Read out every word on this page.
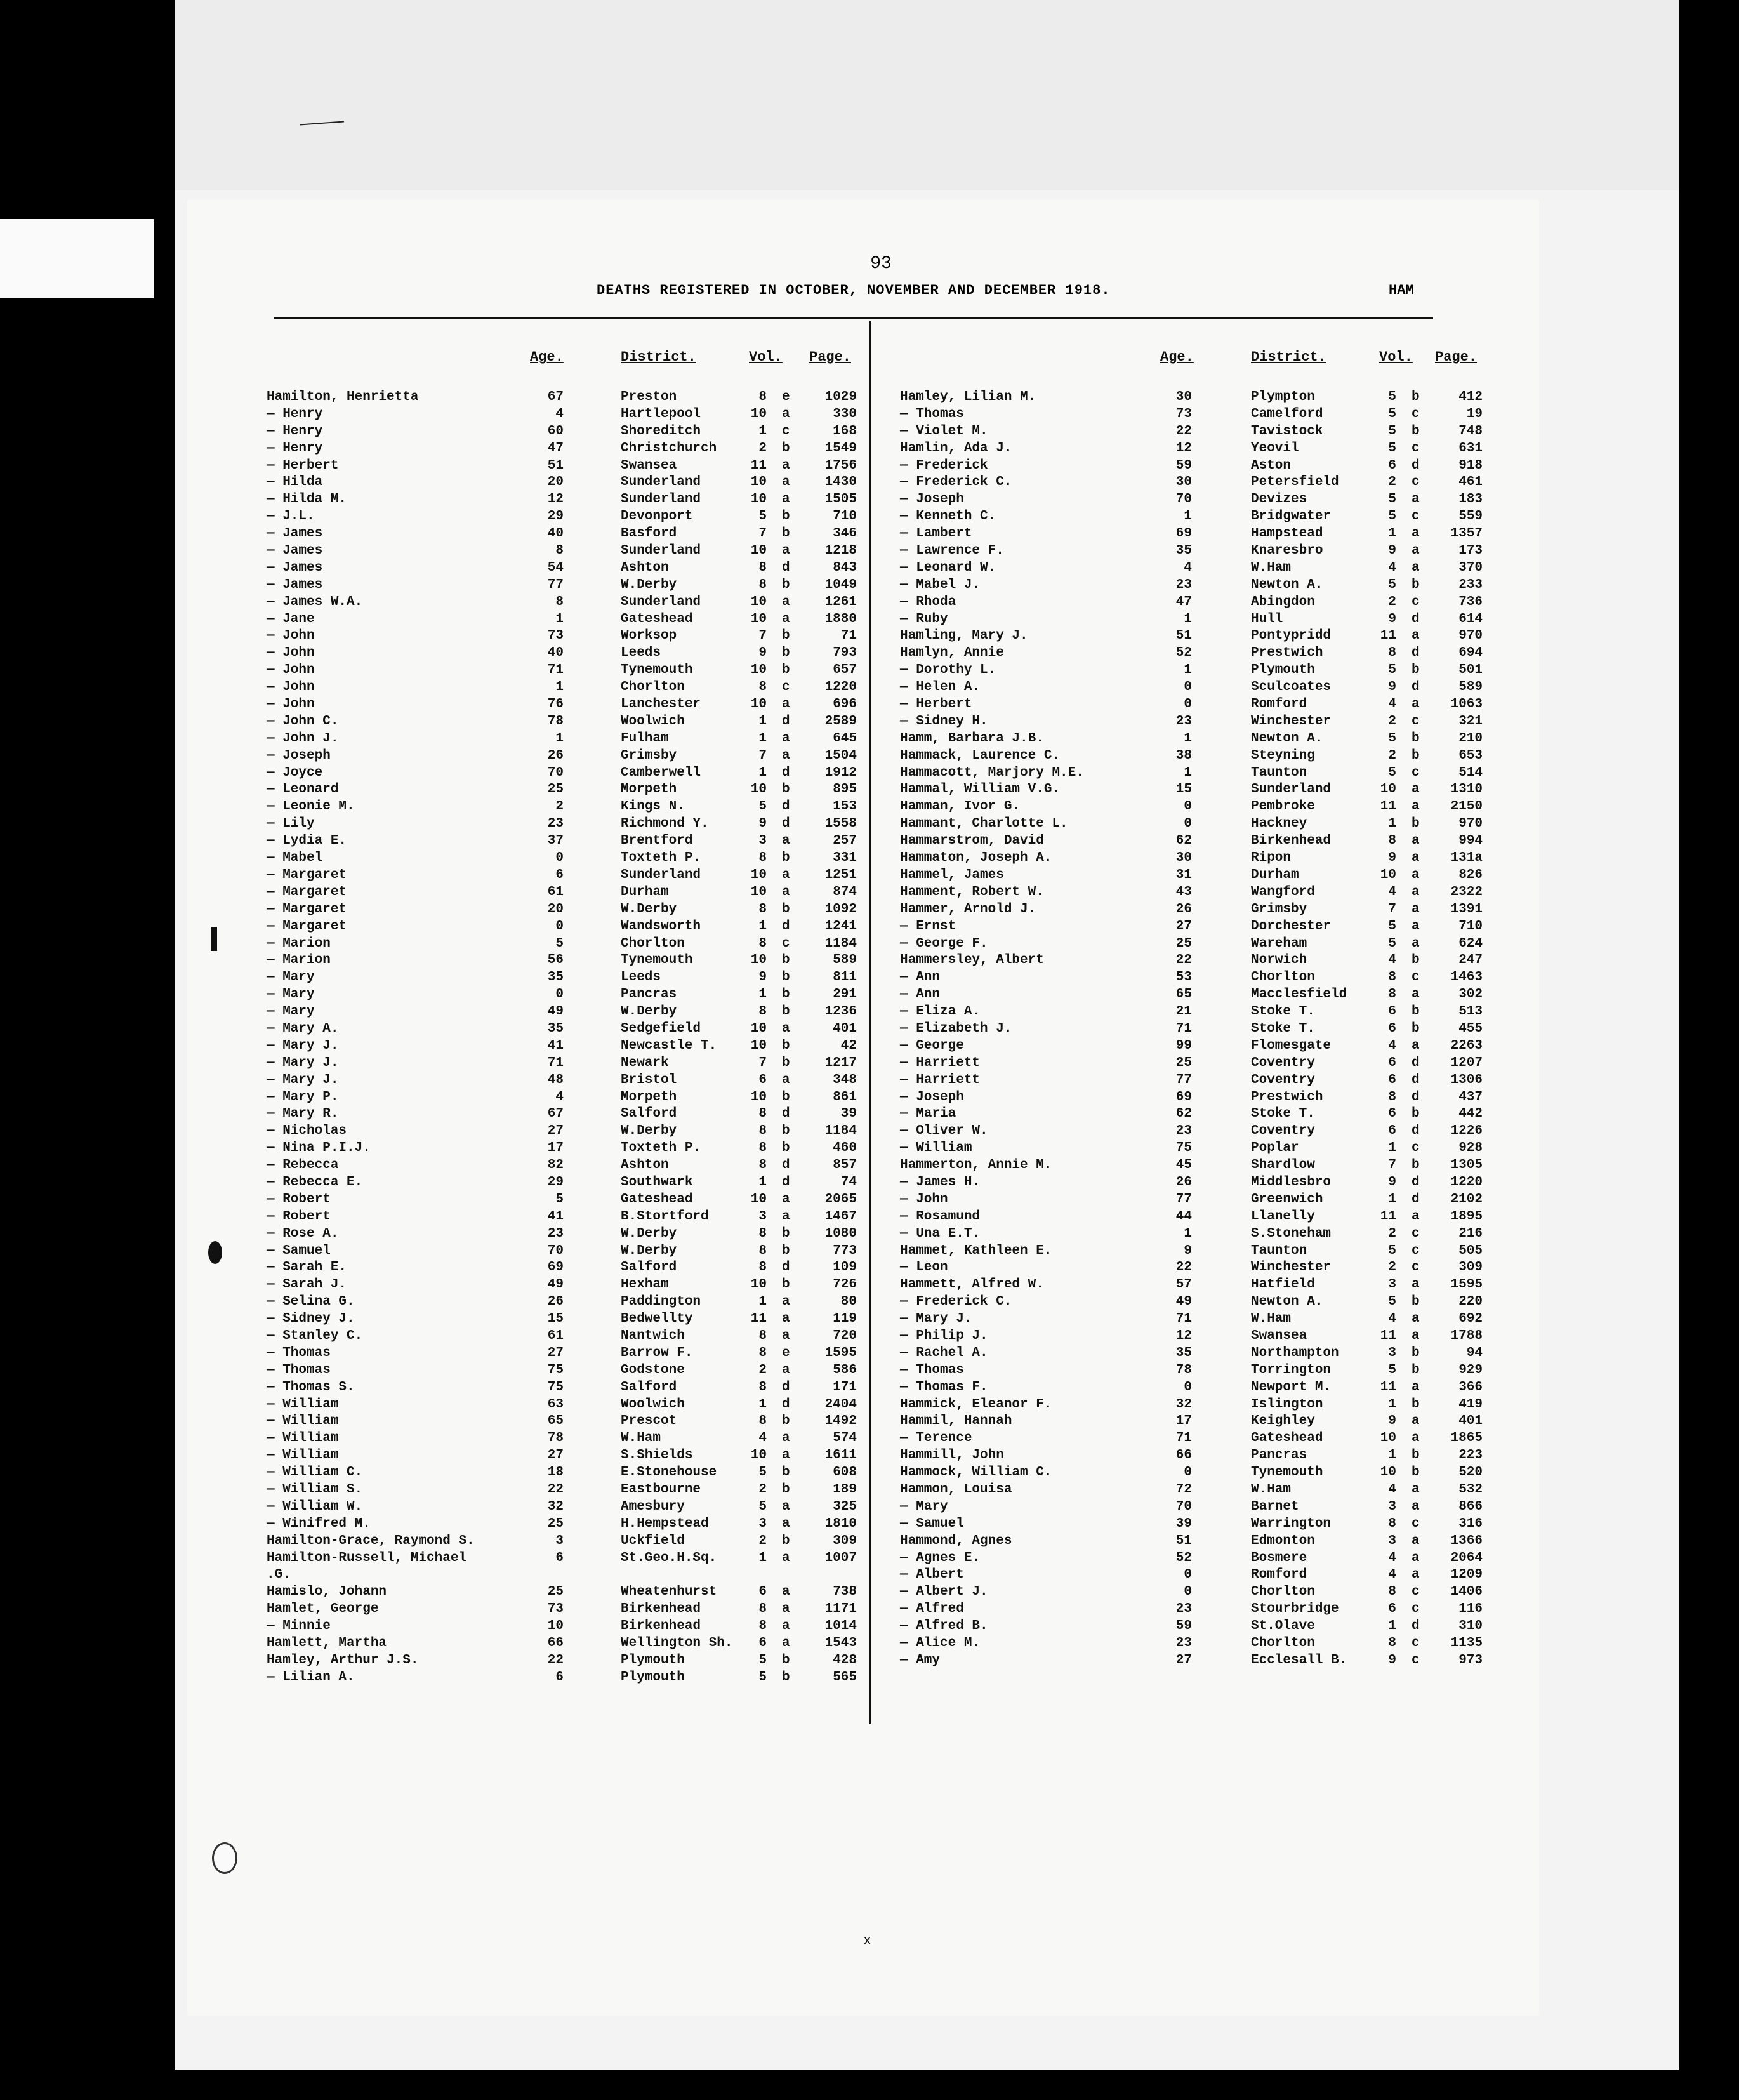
93
DEATHS REGISTERED IN OCTOBER, NOVEMBER AND DECEMBER 1918.	HAM
Age.	District.	Vol. Page.
Hamilton, Henrietta	67	Preston	8 e	1029
— Henry	4	Hartlepool	10 a	330
— Henry	60	Shoreditch	1 c	168
— Henry	47	Christchurch	2 b	1549
— Herbert	51	Swansea	11 a	1756
— Hilda	20	Sunderland	10 a	1430
— Hilda M.	12	Sunderland	10 a	1505
— J.L.	29	Devonport	5 b	710
— James	40	Basford	7 b	346
— James	8	Sunderland	10 a	1218
— James	54	Ashton	8 d	843
— James	77	W.Derby	8 b	1049
— James W.A.	8	Sunderland	10 a	1261
— Jane	1	Gateshead	10 a	1880
— John	73	Worksop	7 b	71
— John	40	Leeds	9 b	793
— John	71	Tynemouth	10 b	657
— John	1	Chorlton	8 c	1220
— John	76	Lanchester	10 a	696
— John C.	78	Woolwich	1 d	2589
— John J.	1	Fulham	1 a	645
— Joseph	26	Grimsby	7 a	1504
— Joyce	70	Camberwell	1 d	1912
— Leonard	25	Morpeth	10 b	895
— Leonie M.	2	Kings N.	5 d	153
— Lily	23	Richmond Y.	9 d	1558
— Lydia E.	37	Brentford	3 a	257
— Mabel	0	Toxteth P.	8 b	331
— Margaret	6	Sunderland	10 a	1251
— Margaret	61	Durham	10 a	874
— Margaret	20	W.Derby	8 b	1092
— Margaret	0	Wandsworth	1 d	1241
— Marion	5	Chorlton	8 c	1184
— Marion	56	Tynemouth	10 b	589
— Mary	35	Leeds	9 b	811
— Mary	0	Pancras	1 b	291
— Mary	49	W.Derby	8 b	1236
— Mary A.	35	Sedgefield	10 a	401
— Mary J.	41	Newcastle T.	10 b	42
— Mary J.	71	Newark	7 b	1217
— Mary J.	48	Bristol	6 a	348
— Mary P.	4	Morpeth	10 b	861
— Mary R.	67	Salford	8 d	39
— Nicholas	27	W.Derby	8 b	1184
— Nina P.I.J.	17	Toxteth P.	8 b	460
— Rebecca	82	Ashton	8 d	857
— Rebecca E.	29	Southwark	1 d	74
— Robert	5	Gateshead	10 a	2065
— Robert	41	B.Stortford	3 a	1467
— Rose A.	23	W.Derby	8 b	1080
— Samuel	70	W.Derby	8 b	773
— Sarah E.	69	Salford	8 d	109
— Sarah J.	49	Hexham	10 b	726
— Selina G.	26	Paddington	1 a	80
— Sidney J.	15	Bedwellty	11 a	119
— Stanley C.	61	Nantwich	8 a	720
— Thomas	27	Barrow F.	8 e	1595
— Thomas	75	Godstone	2 a	586
— Thomas S.	75	Salford	8 d	171
— William	63	Woolwich	1 d	2404
— William	65	Prescot	8 b	1492
— William	78	W.Ham	4 a	574
— William	27	S.Shields	10 a	1611
— William C.	18	E.Stonehouse	5 b	608
— William S.	22	Eastbourne	2 b	189
— William W.	32	Amesbury	5 a	325
— Winifred M.	25	H.Hempstead	3 a	1810
Hamilton-Grace, Raymond S.	3	Uckfield	2 b	309
Hamilton-Russell, Michael	6	St.Geo.H.Sq.	1 a	1007
.G.
Hamislo, Johann	25	Wheatenhurst	6 a	738
Hamlet, George	73	Birkenhead	8 a	1171
— Minnie	10	Birkenhead	8 a	1014
Hamlett, Martha	66	Wellington Sh.	6 a	1543
Hamley, Arthur J.S.	22	Plymouth	5 b	428
— Lilian A.	6	Plymouth	5 b	565
Age.	District.	Vol. Page.
Hamley, Lilian M.	30	Plympton	5 b	412
— Thomas	73	Camelford	5 c	19
— Violet M.	22	Tavistock	5 b	748
Hamlin, Ada J.	12	Yeovil	5 c	631
— Frederick	59	Aston	6 d	918
— Frederick C.	30	Petersfield	2 c	461
— Joseph	70	Devizes	5 a	183
— Kenneth C.	1	Bridgwater	5 c	559
— Lambert	69	Hampstead	1 a	1357
— Lawrence F.	35	Knaresbro	9 a	173
— Leonard W.	4	W.Ham	4 a	370
— Mabel J.	23	Newton A.	5 b	233
— Rhoda	47	Abingdon	2 c	736
— Ruby	1	Hull	9 d	614
Hamling, Mary J.	51	Pontypridd	11 a	970
Hamlyn, Annie	52	Prestwich	8 d	694
— Dorothy L.	1	Plymouth	5 b	501
— Helen A.	0	Sculcoates	9 d	589
— Herbert	0	Romford	4 a	1063
— Sidney H.	23	Winchester	2 c	321
Hamm, Barbara J.B.	1	Newton A.	5 b	210
Hammack, Laurence C.	38	Steyning	2 b	653
Hammacott, Marjory M.E.	1	Taunton	5 c	514
Hammal, William V.G.	15	Sunderland	10 a	1310
Hamman, Ivor G.	0	Pembroke	11 a	2150
Hammant, Charlotte L.	0	Hackney	1 b	970
Hammarstrom, David	62	Birkenhead	8 a	994
Hammaton, Joseph A.	30	Ripon	9 a	131a
Hammel, James	31	Durham	10 a	826
Hamment, Robert W.	43	Wangford	4 a	2322
Hammer, Arnold J.	26	Grimsby	7 a	1391
— Ernst	27	Dorchester	5 a	710
— George F.	25	Wareham	5 a	624
Hammersley, Albert	22	Norwich	4 b	247
— Ann	53	Chorlton	8 c	1463
— Ann	65	Macclesfield	8 a	302
— Eliza A.	21	Stoke T.	6 b	513
— Elizabeth J.	71	Stoke T.	6 b	455
— George	99	Flomesgate	4 a	2263
— Harriett	25	Coventry	6 d	1207
— Harriett	77	Coventry	6 d	1306
— Joseph	69	Prestwich	8 d	437
— Maria	62	Stoke T.	6 b	442
— Oliver W.	23	Coventry	6 d	1226
— William	75	Poplar	1 c	928
Hammerton, Annie M.	45	Shardlow	7 b	1305
— James H.	26	Middlesbro	9 d	1220
— John	77	Greenwich	1 d	2102
— Rosamund	44	Llanelly	11 a	1895
— Una E.T.	1	S.Stoneham	2 c	216
Hammet, Kathleen E.	9	Taunton	5 c	505
— Leon	22	Winchester	2 c	309
Hammett, Alfred W.	57	Hatfield	3 a	1595
— Frederick C.	49	Newton A.	5 b	220
— Mary J.	71	W.Ham	4 a	692
— Philip J.	12	Swansea	11 a	1788
— Rachel A.	35	Northampton	3 b	94
— Thomas	78	Torrington	5 b	929
— Thomas F.	0	Newport M.	11 a	366
Hammick, Eleanor F.	32	Islington	1 b	419
Hammil, Hannah	17	Keighley	9 a	401
— Terence	71	Gateshead	10 a	1865
Hammill, John	66	Pancras	1 b	223
Hammock, William C.	0	Tynemouth	10 b	520
Hammon, Louisa	72	W.Ham	4 a	532
— Mary	70	Barnet	3 a	866
— Samuel	39	Warrington	8 c	316
Hammond, Agnes	51	Edmonton	3 a	1366
— Agnes E.	52	Bosmere	4 a	2064
— Albert	0	Romford	4 a	1209
— Albert J.	0	Chorlton	8 c	1406
— Alfred	23	Stourbridge	6 c	116
— Alfred B.	59	St.Olave	1 d	310
— Alice M.	23	Chorlton	8 c	1135
— Amy	27	Ecclesall B.	9 c	973
x
